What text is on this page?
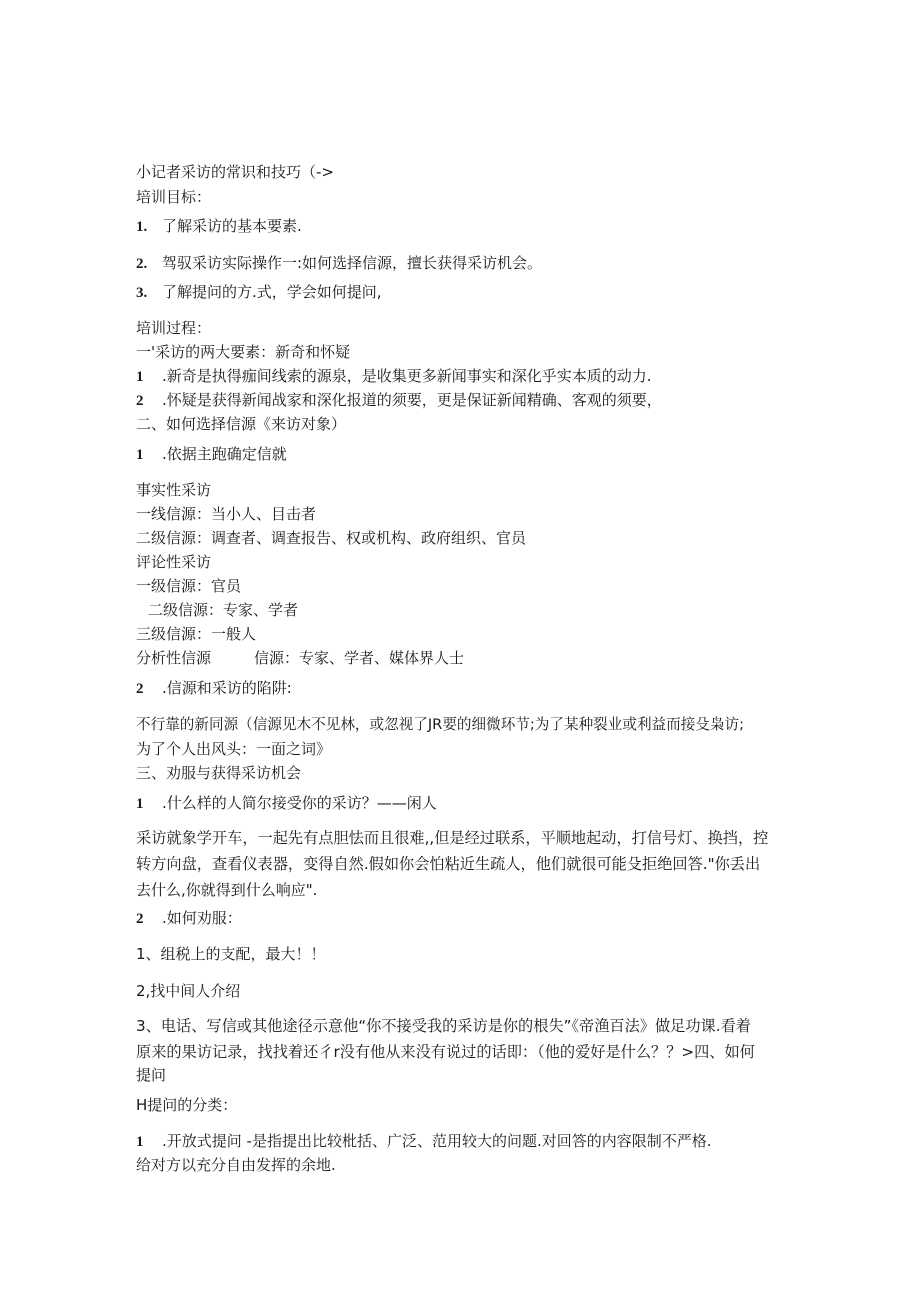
小记者采访的常识和技巧（->
培训目标：
1. 了解采访的基本要素.
2. 驾驭采访实际操作一:如何选择信源，擅长获得采访机会。
3. 了解提问的方.式，学会如何提问,
培训过程：
一'采访的两大要素：新奇和怀疑
1 .新奇是执得痂间线索的源泉，是收集更多新闻事实和深化乎实本质的动力.
2 .怀疑是获得新闻战家和深化报道的须要，更是保证新闻精确、客观的须要，
二、如何选择信源《来访对象）
1 .依据主跑确定信就
事实性采访
一线信源：当小人、目击者
二级信源：调查者、调查报告、权或机构、政府组织、官员
评论性采访
一级信源：官员
二级信源：专家、学者
三级信源：一般人
分析性信源	信源：专家、学者、媒体界人士
2 .信源和采访的陷阱:
不行靠的新同源（信源见木不见林，或忽视了JR要的细微环节;为了某种裂业或利益而接殳枭访;
为了个人出风头：一面之词》
三、劝服与获得采访机会
1 .什么样的人简尔接受你的采访？——闲人
采访就象学开车，一起先有点胆怯而且很难,,但是经过联系，平顺地起动，打信号灯、换挡，控
转方向盘，查看仪表器，变得自然.假如你会怕粘近生疏人，他们就很可能殳拒绝回答."你丢出
去什么,你就得到什么响应".
2 .如何劝服：
1、组税上的支配，最大！！
2,找中间人介绍
3、电话、写信或其他途径示意他“你不接受我的采访是你的根失”《帝渔百法》做足功课.看着
原来的果访记录，找找着还彳r没有他从来没有说过的话即：（他的爱好是什么？？>四、如何
提问
H提问的分类：
1 .开放式提问 -是指提出比较枇括、广泛、范用较大的问题.对回答的内容限制不严格.
给对方以充分自由发挥的余地.
